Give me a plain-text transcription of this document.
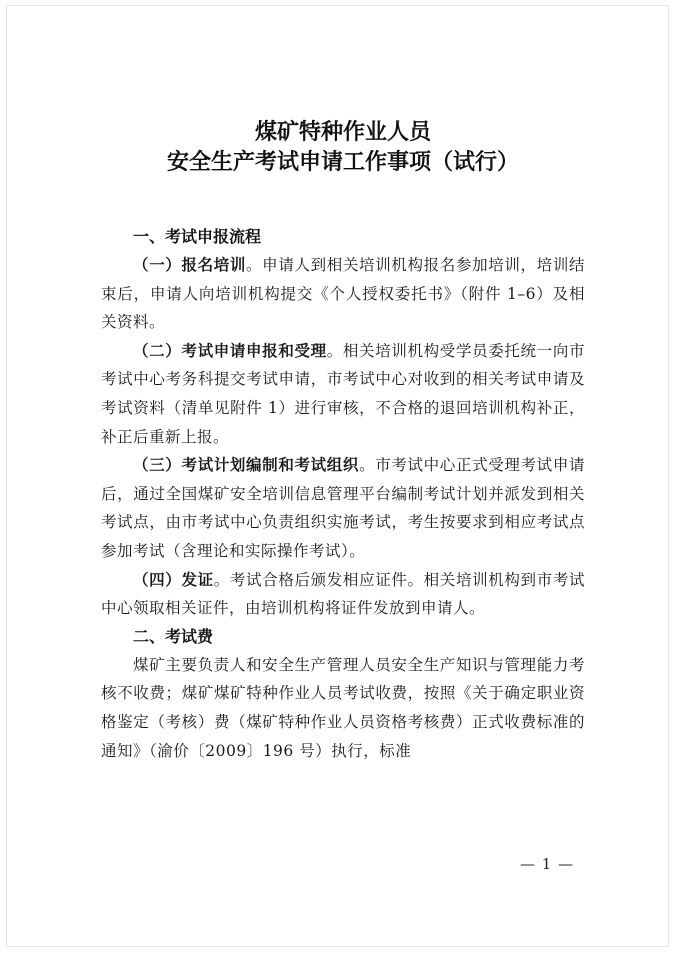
煤矿特种作业人员
安全生产考试申请工作事项（试行）
一、考试申报流程

（一）报名培训。申请人到相关培训机构报名参加培训，培训结束后，申请人向培训机构提交《个人授权委托书》（附件 1–6）及相关资料。

（二）考试申请申报和受理。相关培训机构受学员委托统一向市考试中心考务科提交考试申请，市考试中心对收到的相关考试申请及考试资料（清单见附件 1）进行审核，不合格的退回培训机构补正，补正后重新上报。

（三）考试计划编制和考试组织。市考试中心正式受理考试申请后，通过全国煤矿安全培训信息管理平台编制考试计划并派发到相关考试点，由市考试中心负责组织实施考试，考生按要求到相应考试点参加考试（含理论和实际操作考试）。

（四）发证。考试合格后颁发相应证件。相关培训机构到市考试中心领取相关证件，由培训机构将证件发放到申请人。

二、考试费

煤矿主要负责人和安全生产管理人员安全生产知识与管理能力考核不收费；煤矿煤矿特种作业人员考试收费，按照《关于确定职业资格鉴定（考核）费（煤矿特种作业人员资格考核费）正式收费标准的通知》（渝价〔2009〕196 号）执行，标准

— 1 —
